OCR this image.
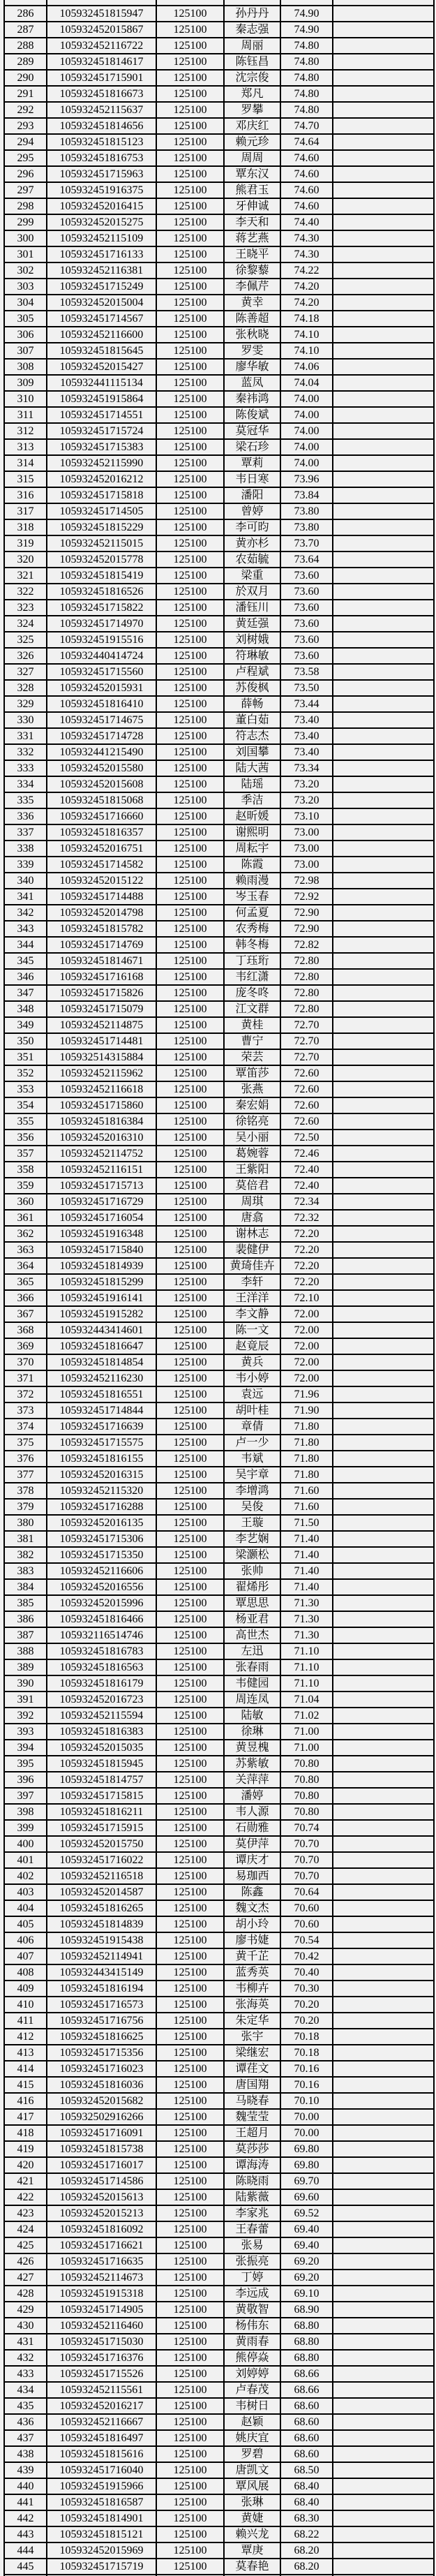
286	105932451815947	125100	孙丹丹	74.90	
287	105932452015867	125100	秦志强	74.90	
288	105932452116722	125100	周丽	74.80	
289	105932451814617	125100	陈钰昌	74.80	
290	105932451715901	125100	沈宗俊	74.80	
291	105932451816673	125100	郑凡	74.80	
292	105932452115637	125100	罗攀	74.80	
293	105932451814656	125100	邓庆红	74.70	
294	105932451815123	125100	赖元珍	74.64	
295	105932451816753	125100	周周	74.60	
296	105932451715963	125100	覃东汉	74.60	
297	105932451916375	125100	熊君玉	74.60	
298	105932452016415	125100	牙伸诚	74.60	
299	105932452015275	125100	李天和	74.40	
300	105932452115109	125100	蒋艺燕	74.30	
301	105932451716133	125100	王晓平	74.30	
302	105932452116381	125100	徐黎藜	74.22	
303	105932451715249	125100	李佩芹	74.20	
304	105932452015004	125100	黄幸	74.20	
305	105932451714567	125100	陈善超	74.18	
306	105932452116600	125100	张秋晓	74.10	
307	105932451815645	125100	罗雯	74.10	
308	105932452015427	125100	廖华敏	74.06	
309	105932441115134	125100	蓝凤	74.04	
310	105932451915864	125100	秦祎鸿	74.00	
311	105932451714551	125100	陈俊斌	74.00	
312	105932451715724	125100	莫冠华	74.00	
313	105932451715383	125100	梁石珍	74.00	
314	105932452115990	125100	覃莉	74.00	
315	105932452016212	125100	韦日寒	73.96	
316	105932451715818	125100	潘阳	73.84	
317	105932451714505	125100	曾婷	73.80	
318	105932451815229	125100	李可昀	73.80	
319	105932452115015	125100	黄亦杉	73.70	
320	105932452015778	125100	农茹毓	73.64	
321	105932451815419	125100	梁重	73.60	
322	105932451816526	125100	於双月	73.60	
323	105932451715822	125100	潘钰川	73.60	
324	105932451714970	125100	黄廷强	73.60	
325	105932451915516	125100	刘树娥	73.60	
326	105932440414724	125100	符琳敏	73.60	
327	105932451715560	125100	卢程斌	73.58	
328	105932452015931	125100	苏俊枫	73.50	
329	105932451816410	125100	薛畅	73.44	
330	105932451714675	125100	董白茹	73.40	
331	105932451714728	125100	符志杰	73.40	
332	105932441215490	125100	刘国攀	73.40	
333	105932452015580	125100	陆大茜	73.34	
334	105932452015608	125100	陆瑶	73.20	
335	105932451815068	125100	季洁	73.20	
336	105932451716660	125100	赵昕媛	73.10	
337	105932451816357	125100	谢熙明	73.00	
338	105932452016751	125100	周耘宇	73.00	
339	105932451714582	125100	陈霞	73.00	
340	105932452015122	125100	赖雨漫	72.98	
341	105932451714488	125100	岑玉春	72.92	
342	105932452014798	125100	何孟夏	72.90	
343	105932451815782	125100	农秀梅	72.90	
344	105932451714769	125100	韩冬梅	72.82	
345	105932451814671	125100	丁珏珩	72.80	
346	105932451716168	125100	韦红潇	72.80	
347	105932451715826	125100	庞冬咚	72.80	
348	105932451715079	125100	江文群	72.80	
349	105932452114875	125100	黄桂	72.70	
350	105932451714481	125100	曹宁	72.70	
351	105932514315884	125100	荣芸	72.70	
352	105932452115962	125100	覃笛莎	72.60	
353	105932452116618	125100	张燕	72.60	
354	105932451715860	125100	秦宏娟	72.60	
355	105932451816384	125100	徐铭亮	72.60	
356	105932452016310	125100	吴小丽	72.50	
357	105932452114752	125100	葛婉蓉	72.46	
358	105932452116151	125100	王紫阳	72.40	
359	105932451715713	125100	莫倍君	72.40	
360	105932451716729	125100	周琪	72.34	
361	105932451716054	125100	唐翕	72.32	
362	105932451916348	125100	谢林志	72.20	
363	105932451715840	125100	裴健伊	72.20	
364	105932451814939	125100	黄琦佳卉	72.20	
365	105932451815299	125100	李轩	72.20	
366	105932451916141	125100	王洋洋	72.10	
367	105932451915282	125100	李文静	72.00	
368	105932443414601	125100	陈一文	72.00	
369	105932451816647	125100	赵竟辰	72.00	
370	105932451814854	125100	黄兵	72.00	
371	105932452116230	125100	韦小婷	72.00	
372	105932451816551	125100	袁远	71.96	
373	105932451714844	125100	胡叶桂	71.90	
374	105932451716639	125100	章倩	71.80	
375	105932451715575	125100	卢一少	71.80	
376	105932451816155	125100	韦斌	71.80	
377	105932452016315	125100	吴宇章	71.80	
378	105932452115320	125100	李增鸿	71.60	
379	105932451716288	125100	吴俊	71.60	
380	105932452016135	125100	王璇	71.50	
381	105932451715306	125100	李艺娴	71.40	
382	105932451715350	125100	梁灏松	71.40	
383	105932452116606	125100	张帅	71.40	
384	105932452016556	125100	翟烯彤	71.40	
385	105932452015996	125100	覃思思	71.30	
386	105932451816466	125100	杨亚君	71.30	
387	105932116514746	125100	高世杰	71.30	
388	105932451816783	125100	左迅	71.10	
389	105932451816563	125100	张春雨	71.10	
390	105932451816179	125100	韦健园	71.10	
391	105932452016723	125100	周连凤	71.04	
392	105932452115594	125100	陆敏	71.02	
393	105932451816383	125100	徐琳	71.00	
394	105932452015035	125100	黄昱槐	71.00	
395	105932451815945	125100	苏紫敏	70.80	
396	105932451814757	125100	关萍萍	70.80	
397	105932451715815	125100	潘婷	70.80	
398	105932451816211	125100	韦人源	70.80	
399	105932451715915	125100	石勋雅	70.74	
400	105932452015750	125100	莫伊萍	70.70	
401	105932451716022	125100	谭庆才	70.70	
402	105932452116518	125100	易珈西	70.70	
403	105932452014587	125100	陈鑫	70.64	
404	105932451816265	125100	魏文杰	70.60	
405	105932451814839	125100	胡小玲	70.60	
406	105932451915438	125100	廖书婕	70.54	
407	105932452114941	125100	黄千芷	70.42	
408	105932443415149	125100	蓝秀英	70.40	
409	105932451816194	125100	韦柳卉	70.30	
410	105932451716573	125100	张海英	70.20	
411	105932451716756	125100	朱定华	70.20	
412	105932451816625	125100	张宇	70.18	
413	105932451715356	125100	梁继宏	70.18	
414	105932451716023	125100	谭荏文	70.16	
415	105932451816036	125100	唐国翔	70.16	
416	105932452015682	125100	马晓春	70.10	
417	105932502916266	125100	魏莹莹	70.00	
418	105932451716091	125100	王超月	70.00	
419	105932451815738	125100	莫莎莎	69.80	
420	105932451716017	125100	谭海涛	69.80	
421	105932451714586	125100	陈晓雨	69.70	
422	105932452015613	125100	陆紫薇	69.60	
423	105932452015213	125100	李家兆	69.52	
424	105932451816092	125100	王春蕾	69.40	
425	105932451716621	125100	张易	69.40	
426	105932451716635	125100	张振亮	69.20	
427	105932452114673	125100	丁婷	69.20	
428	105932451915318	125100	李远成	69.10	
429	105932451714905	125100	黄敬智	68.90	
430	105932452116460	125100	杨伟东	68.80	
431	105932451715030	125100	黄雨春	68.80	
432	105932451716376	125100	熊停焱	68.80	
433	105932451715526	125100	刘婷婷	68.66	
434	105932452115561	125100	卢春茂	68.66	
435	105932452016217	125100	韦树日	68.60	
436	105932452116667	125100	赵颖	68.60	
437	105932451816497	125100	姚庆宜	68.60	
438	105932451815616	125100	罗碧	68.60	
439	105932451716040	125100	唐凯文	68.50	
440	105932451915966	125100	覃风展	68.40	
441	105932451816587	125100	张琳	68.40	
442	105932451814901	125100	黄婕	68.30	
443	105932451815121	125100	赖兴龙	68.22	
444	105932452015969	125100	覃庚	68.20	
445	105932451715719	125100	莫春艳	68.20	
